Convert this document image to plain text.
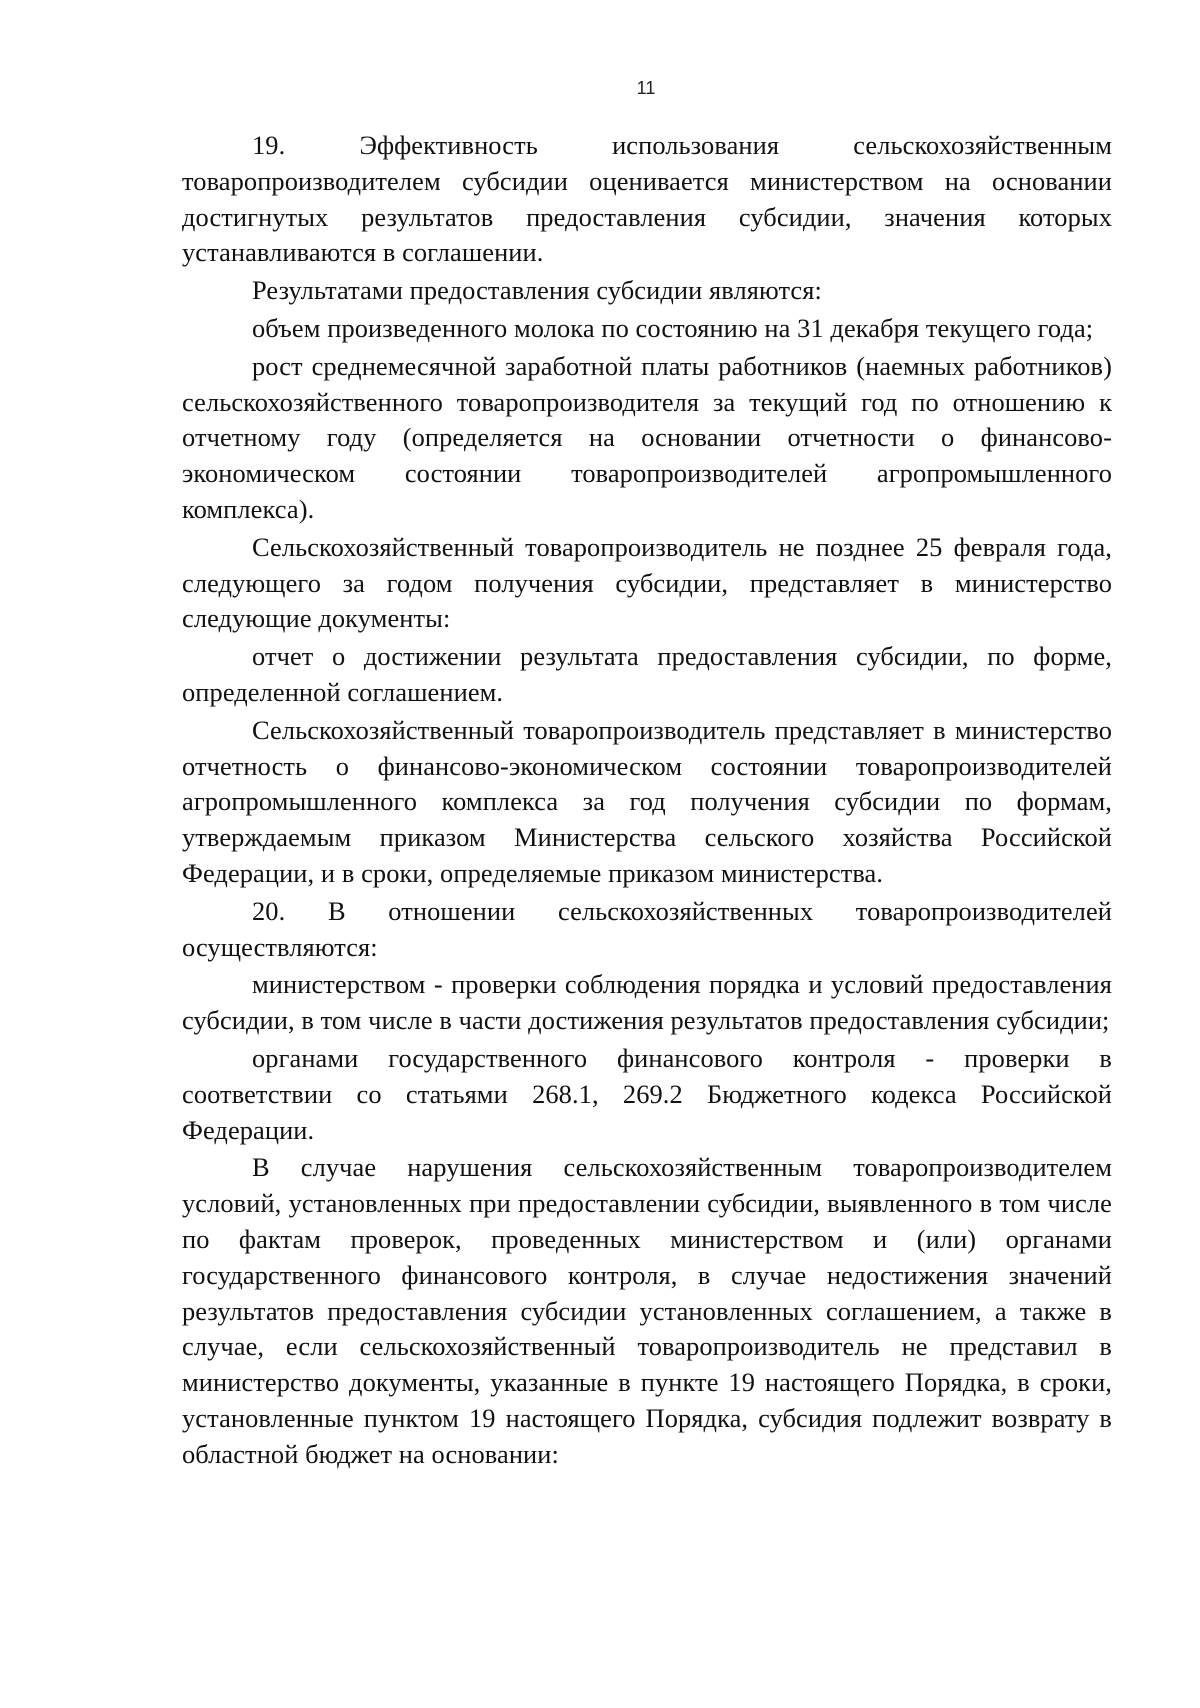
11

19. Эффективность использования сельскохозяйственным товаропроизводителем субсидии оценивается министерством на основании достигнутых результатов предоставления субсидии, значения которых устанавливаются в соглашении.

Результатами предоставления субсидии являются:

объем произведенного молока по состоянию на 31 декабря текущего года;

рост среднемесячной заработной платы работников (наемных работников) сельскохозяйственного товаропроизводителя за текущий год по отношению к отчетному году (определяется на основании отчетности о финансово-экономическом состоянии товаропроизводителей агропромышленного комплекса).

Сельскохозяйственный товаропроизводитель не позднее 25 февраля года, следующего за годом получения субсидии, представляет в министерство следующие документы:

отчет о достижении результата предоставления субсидии, по форме, определенной соглашением.

Сельскохозяйственный товаропроизводитель представляет в министерство отчетность о финансово-экономическом состоянии товаропроизводителей агропромышленного комплекса за год получения субсидии по формам, утверждаемым приказом Министерства сельского хозяйства Российской Федерации, и в сроки, определяемые приказом министерства.

20. В отношении сельскохозяйственных товаропроизводителей осуществляются:

министерством - проверки соблюдения порядка и условий предоставления субсидии, в том числе в части достижения результатов предоставления субсидии;

органами государственного финансового контроля - проверки в соответствии со статьями 268.1, 269.2 Бюджетного кодекса Российской Федерации.

В случае нарушения сельскохозяйственным товаропроизводителем условий, установленных при предоставлении субсидии, выявленного в том числе по фактам проверок, проведенных министерством и (или) органами государственного финансового контроля, в случае недостижения значений результатов предоставления субсидии установленных соглашением, а также в случае, если сельскохозяйственный товаропроизводитель не представил в министерство документы, указанные в пункте 19 настоящего Порядка, в сроки, установленные пунктом 19 настоящего Порядка, субсидия подлежит возврату в областной бюджет на основании:
